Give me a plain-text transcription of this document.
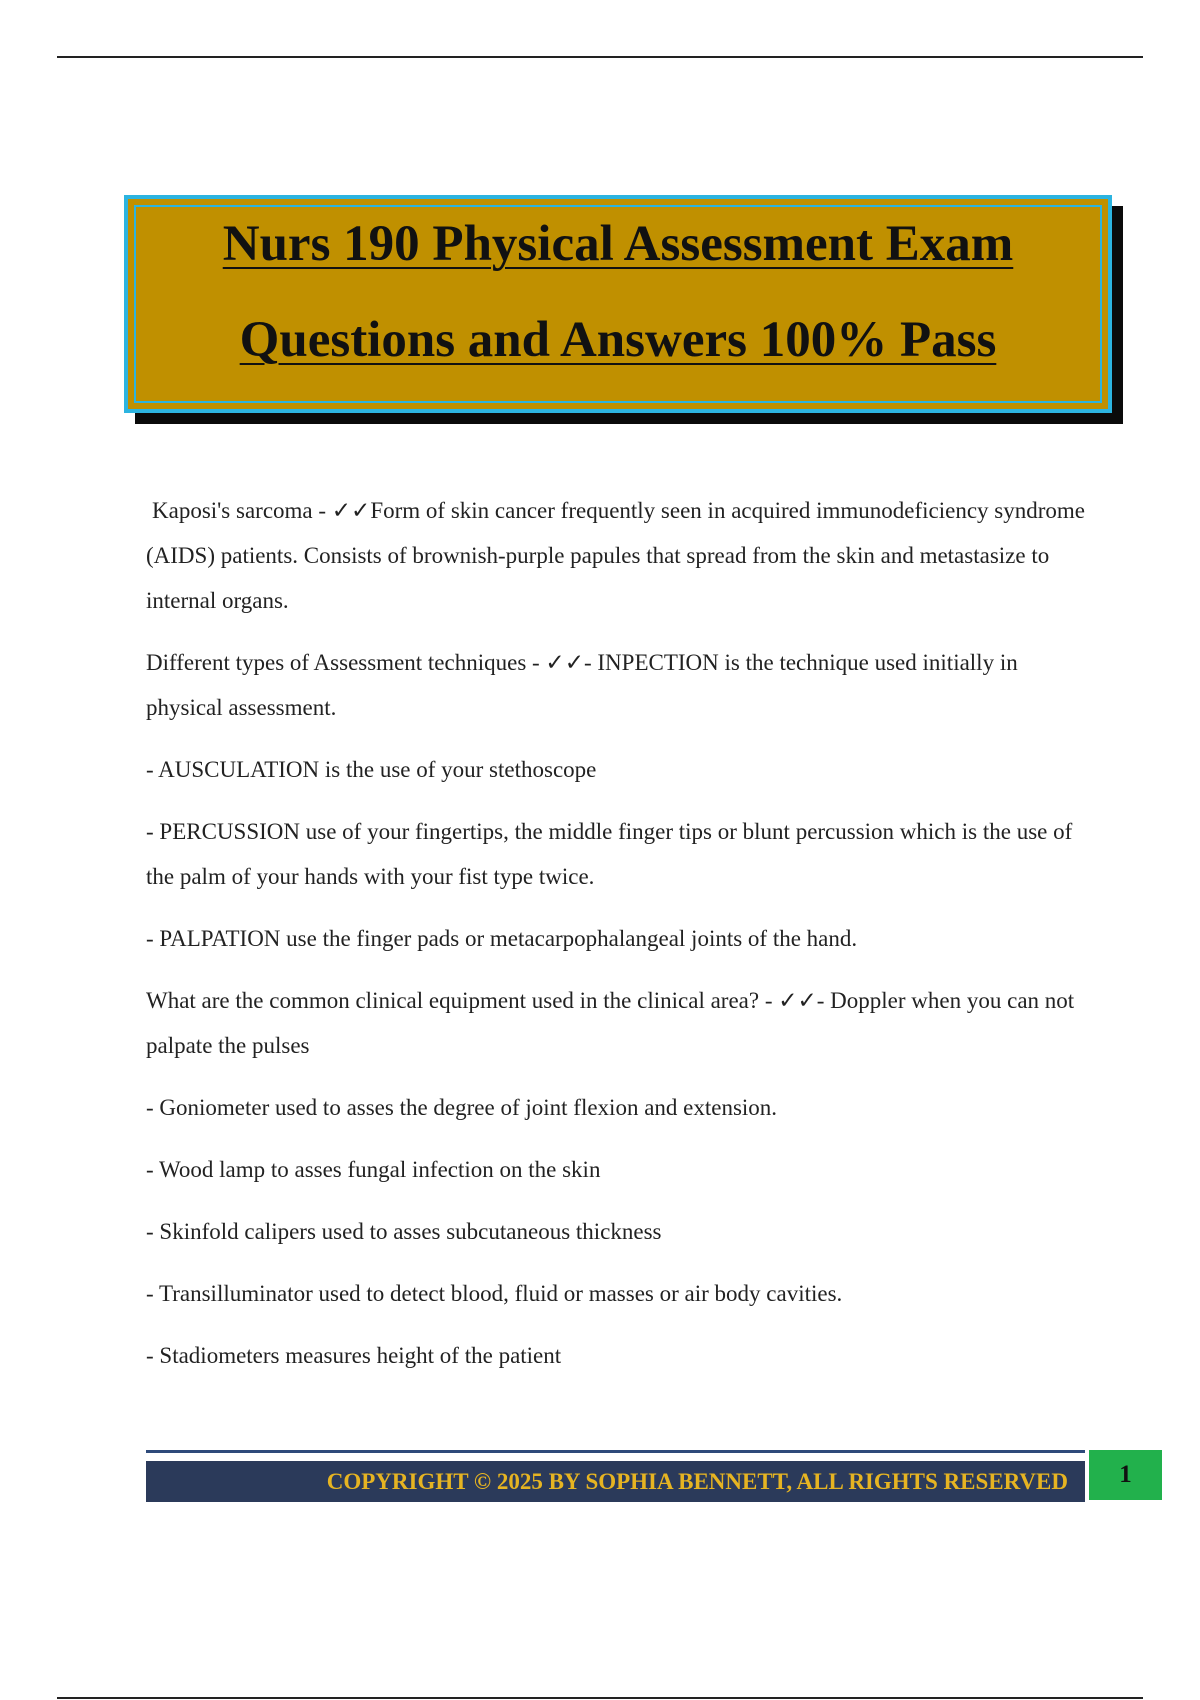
Nurs 190 Physical Assessment Exam
Questions and Answers 100% Pass

Kaposi's sarcoma - ✓✓Form of skin cancer frequently seen in acquired immunodeficiency syndrome (AIDS) patients. Consists of brownish-purple papules that spread from the skin and metastasize to internal organs.

Different types of Assessment techniques - ✓✓- INPECTION is the technique used initially in physical assessment.

- AUSCULATION is the use of your stethoscope

- PERCUSSION use of your fingertips, the middle finger tips or blunt percussion which is the use of the palm of your hands with your fist type twice.

- PALPATION use the finger pads or metacarpophalangeal joints of the hand.

What are the common clinical equipment used in the clinical area? - ✓✓- Doppler when you can not palpate the pulses

- Goniometer used to asses the degree of joint flexion and extension.

- Wood lamp to asses fungal infection on the skin

- Skinfold calipers used to asses subcutaneous thickness

- Transilluminator used to detect blood, fluid or masses or air body cavities.

- Stadiometers measures height of the patient

COPYRIGHT © 2025 BY SOPHIA BENNETT, ALL RIGHTS RESERVED	1
